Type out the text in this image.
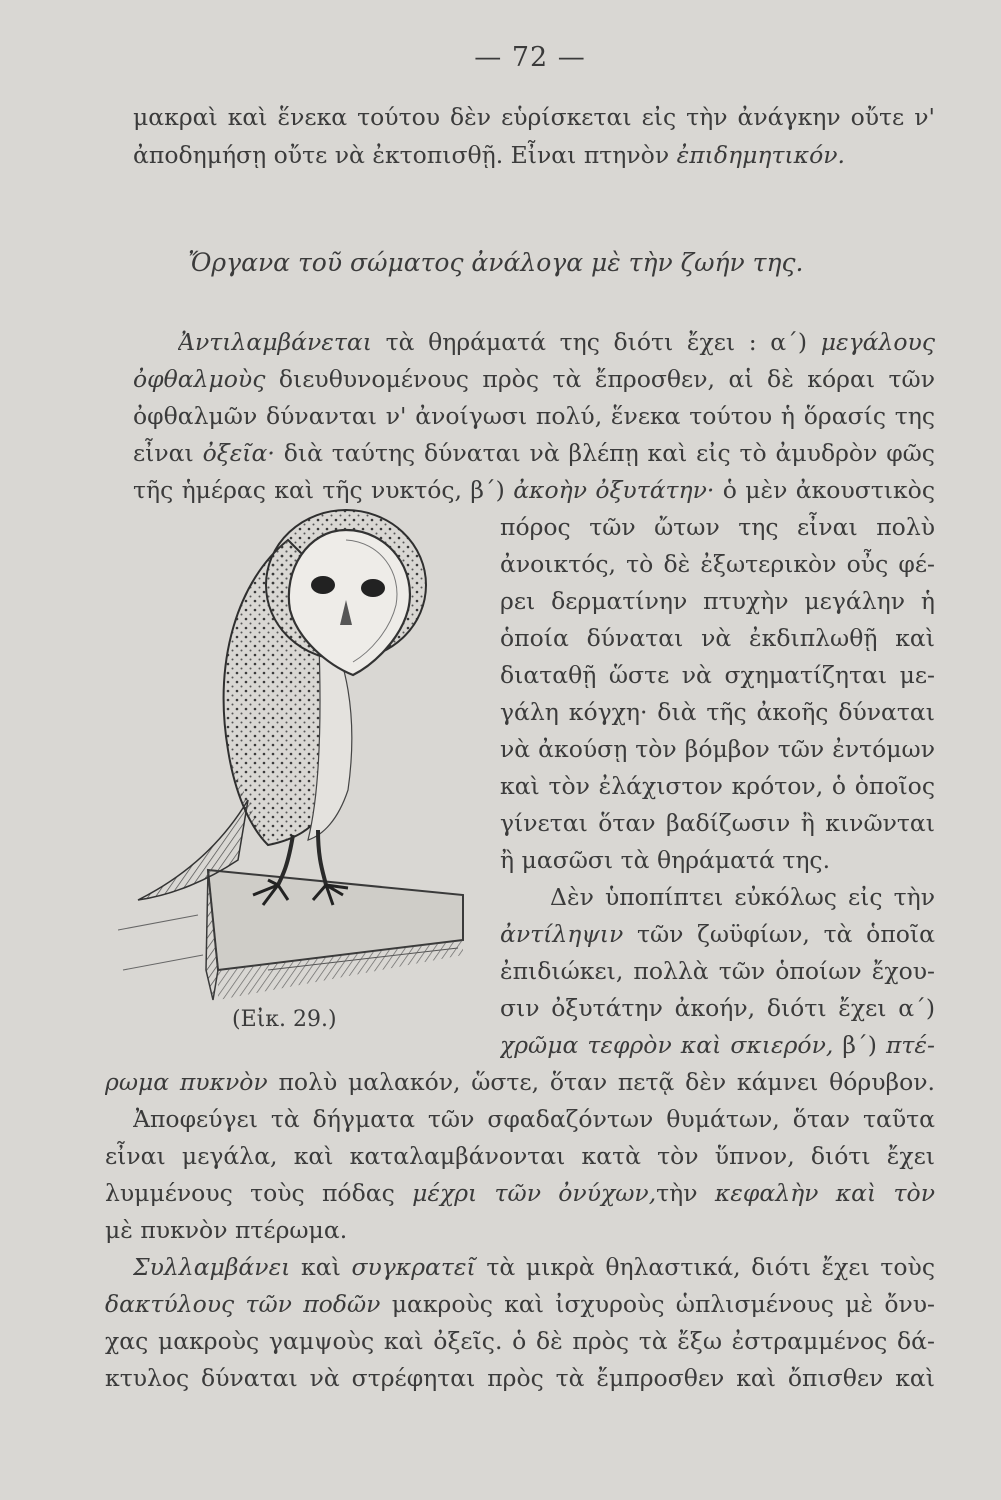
— 72 —
μακραὶ καὶ ἕνεκα τούτου δὲν εὑρίσκεται εἰς τὴν ἀνάγκην οὔτε ν'
ἀποδημήσῃ οὔτε νὰ ἐκτοπισθῇ. Εἶναι πτηνὸν ἐπιδημητικόν.
Ὄργανα τοῦ σώματος ἀνάλογα μὲ τὴν ζωήν της.
Ἀντιλαμβάνεται τὰ θηράματά της διότι ἔχει : α΄) μεγάλους
ὀφθαλμοὺς διευθυνομένους πρὸς τὰ ἔπροσθεν, αἱ δὲ κόραι τῶν
ὀφθαλμῶν δύνανται ν' ἀνοίγωσι πολύ, ἕνεκα τούτου ἡ ὅρασίς της
εἶναι ὀξεῖα· διὰ ταύτης δύναται νὰ βλέπῃ καὶ εἰς τὸ ἀμυδρὸν φῶς
τῆς ἡμέρας καὶ τῆς νυκτός, β΄) ἀκοὴν ὀξυτάτην· ὁ μὲν ἀκουστικὸς
πόρος τῶν ὤτων της εἶναι πολὺ
ἀνοικτός, τὸ δὲ ἐξωτερικὸν οὖς φέ-
ρει δερματίνην πτυχὴν μεγάλην ἡ
ὁποία δύναται νὰ ἐκδιπλωθῇ καὶ
διαταθῇ ὥστε νὰ σχηματίζηται με-
γάλη κόγχη· διὰ τῆς ἀκοῆς δύναται
νὰ ἀκούσῃ τὸν βόμβον τῶν ἐντόμων
καὶ τὸν ἐλάχιστον κρότον, ὁ ὁποῖος
γίνεται ὅταν βαδίζωσιν ἢ κινῶνται
ἢ μασῶσι τὰ θηράματά της.
Δὲν ὑποπίπτει εὐκόλως εἰς τὴν
ἀντίληψιν τῶν ζωϋφίων, τὰ ὁποῖα
ἐπιδιώκει, πολλὰ τῶν ὁποίων ἔχου-
σιν ὀξυτάτην ἀκοήν, διότι ἔχει α΄)
χρῶμα τεφρὸν καὶ σκιερόν, β΄) πτέ-
ρωμα πυκνὸν πολὺ μαλακόν, ὥστε, ὅταν πετᾷ δὲν κάμνει θόρυβον.
(Εἰκ. 29.)
Ἀποφεύγει τὰ δήγματα τῶν σφαδαζόντων θυμάτων, ὅταν ταῦτα
εἶναι μεγάλα, καὶ καταλαμβάνονται κατὰ τὸν ὕπνον, διότι ἔχει
λυμμένους τοὺς πόδας μέχρι τῶν ὀνύχων,τὴν κεφαλὴν καὶ τὸν
μὲ πυκνὸν πτέρωμα.
Συλλαμβάνει καὶ συγκρατεῖ τὰ μικρὰ θηλαστικά, διότι ἔχει τοὺς
δακτύλους τῶν ποδῶν μακροὺς καὶ ἰσχυροὺς ὡπλισμένους μὲ ὄνυ-
χας μακροὺς γαμψοὺς καὶ ὀξεῖς. ὁ δὲ πρὸς τὰ ἔξω ἐστραμμένος δά-
κτυλος δύναται νὰ στρέφηται πρὸς τὰ ἔμπροσθεν καὶ ὄπισθεν καὶ
